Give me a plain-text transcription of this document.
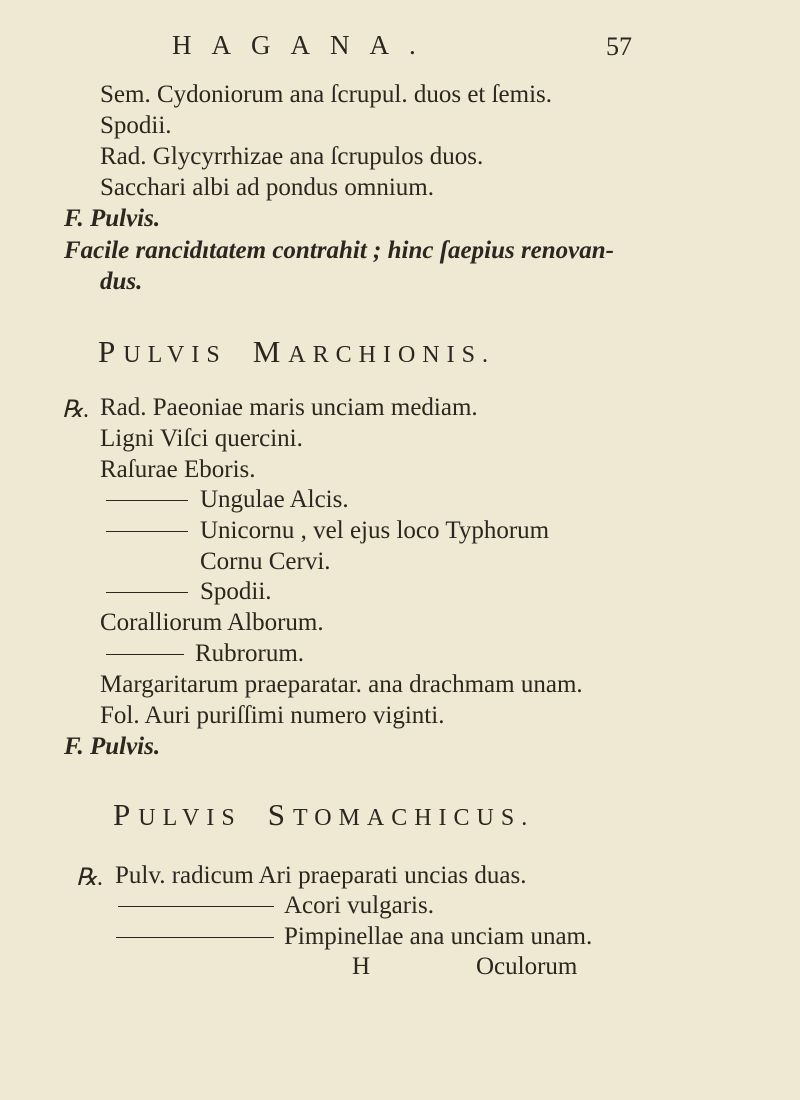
HAGANA.	57
Sem. Cydoniorum ana ſcrupul. duos et ſemis.
Spodii.
Rad. Glycyrrhizae ana ſcrupulos duos.
Sacchari albi ad pondus omnium.
F. Pulvis.
Facile rancidıtatem contrahit ; hinc ſaepius renovan-
dus.
PULVIS MARCHIONIS.
℞. Rad. Paeoniae maris unciam mediam.
Ligni Viſci quercini.
Raſurae Eboris.
Ungulae Alcis.
Unicornu , vel ejus loco Typhorum
Cornu Cervi.
Spodii.
Coralliorum Alborum.
Rubrorum.
Margaritarum praeparatar. ana drachmam unam.
Fol. Auri puriſſimi numero viginti.
F. Pulvis.
PULVIS STOMACHICUS.
℞. Pulv. radicum Ari praeparati uncias duas.
Acori vulgaris.
Pimpinellae ana unciam unam.
H	Oculorum
